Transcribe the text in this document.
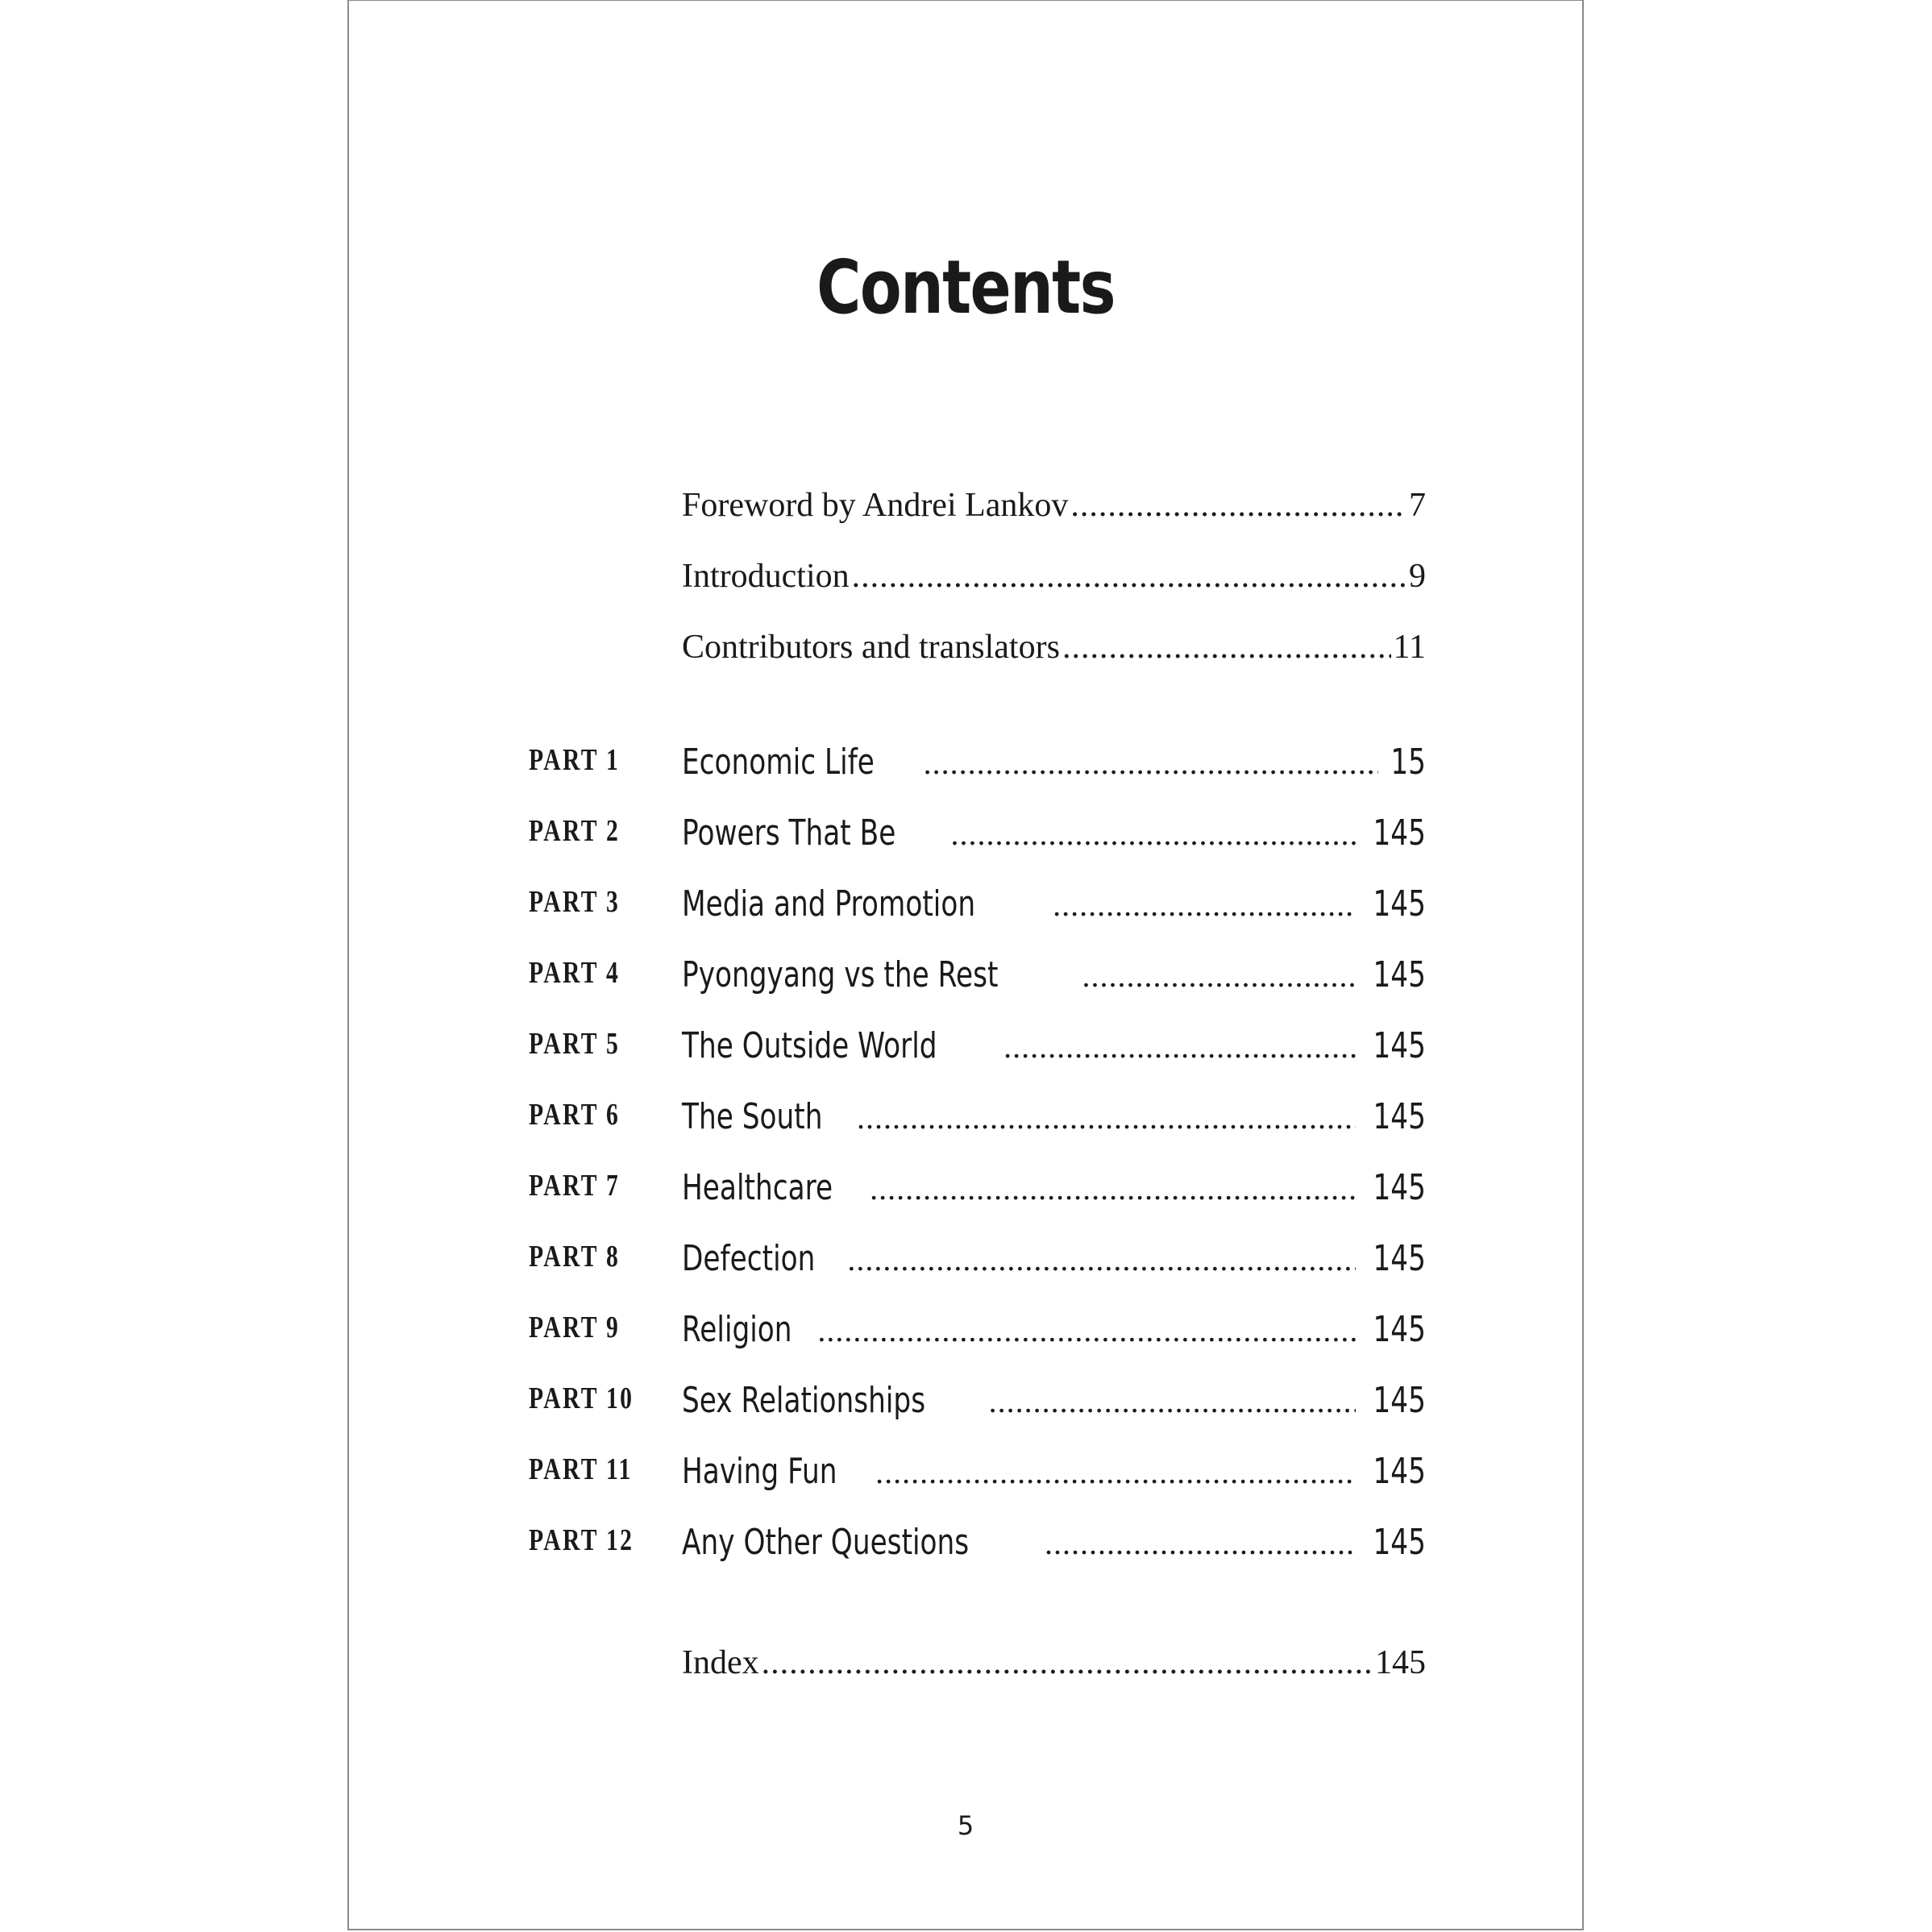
Contents
Foreword by Andrei Lankov .....	7
Introduction .....	9
Contributors and translators .....	11
PART 1 Economic Life .....	15
PART 2 Powers That Be .....	145
PART 3 Media and Promotion .....	145
PART 4 Pyongyang vs the Rest .....	145
PART 5 The Outside World .....	145
PART 6 The South .....	145
PART 7 Healthcare .....	145
PART 8 Defection .....	145
PART 9 Religion .....	145
PART 10 Sex Relationships .....	145
PART 11 Having Fun .....	145
PART 12 Any Other Questions .....	145
Index .....	145
5
